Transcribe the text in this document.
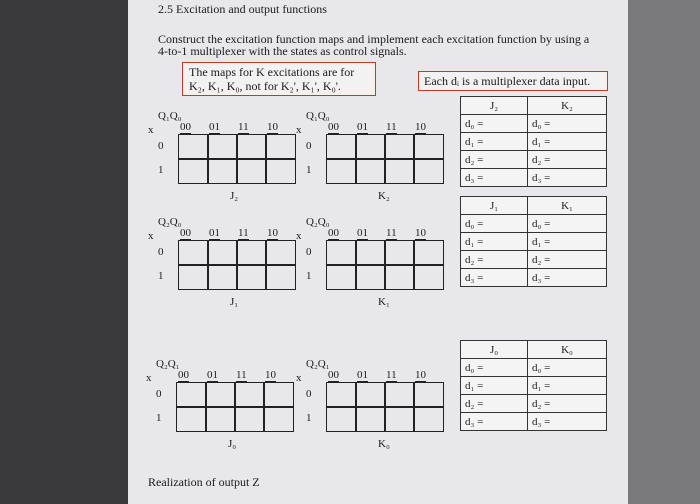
2.5 Excitation and output functions
Construct the excitation function maps and implement each excitation function by using a
4-to-1 multiplexer with the states as control signals.
The maps for K excitations are for
K₂, K₁, K₀, not for K₂', K₁', K₀'.	Each dᵢ is a multiplexer data input.
Q₁Q₀
x 00 01 11 10
0
1
J₂
Q₁Q₀
x 00 01 11 10
0
1
K₂
Q₂Q₀
x 00 01 11 10
0
1
J₁
Q₂Q₀
x 00 01 11 10
0
1
K₁
Q₂Q₁
x 00 01 11 10
0
1
J₀
Q₂Q₁
x 00 01 11 10
0
1
K₀
J₂	K₂
d₀ =	d₀ =
d₁ =	d₁ =
d₂ =	d₂ =
d₃ =	d₃ =
J₁	K₁
d₀ =	d₀ =
d₁ =	d₁ =
d₂ =	d₂ =
d₃ =	d₃ =
J₀	K₀
d₀ =	d₀ =
d₁ =	d₁ =
d₂ =	d₂ =
d₃ =	d₃ =
Realization of output Z
